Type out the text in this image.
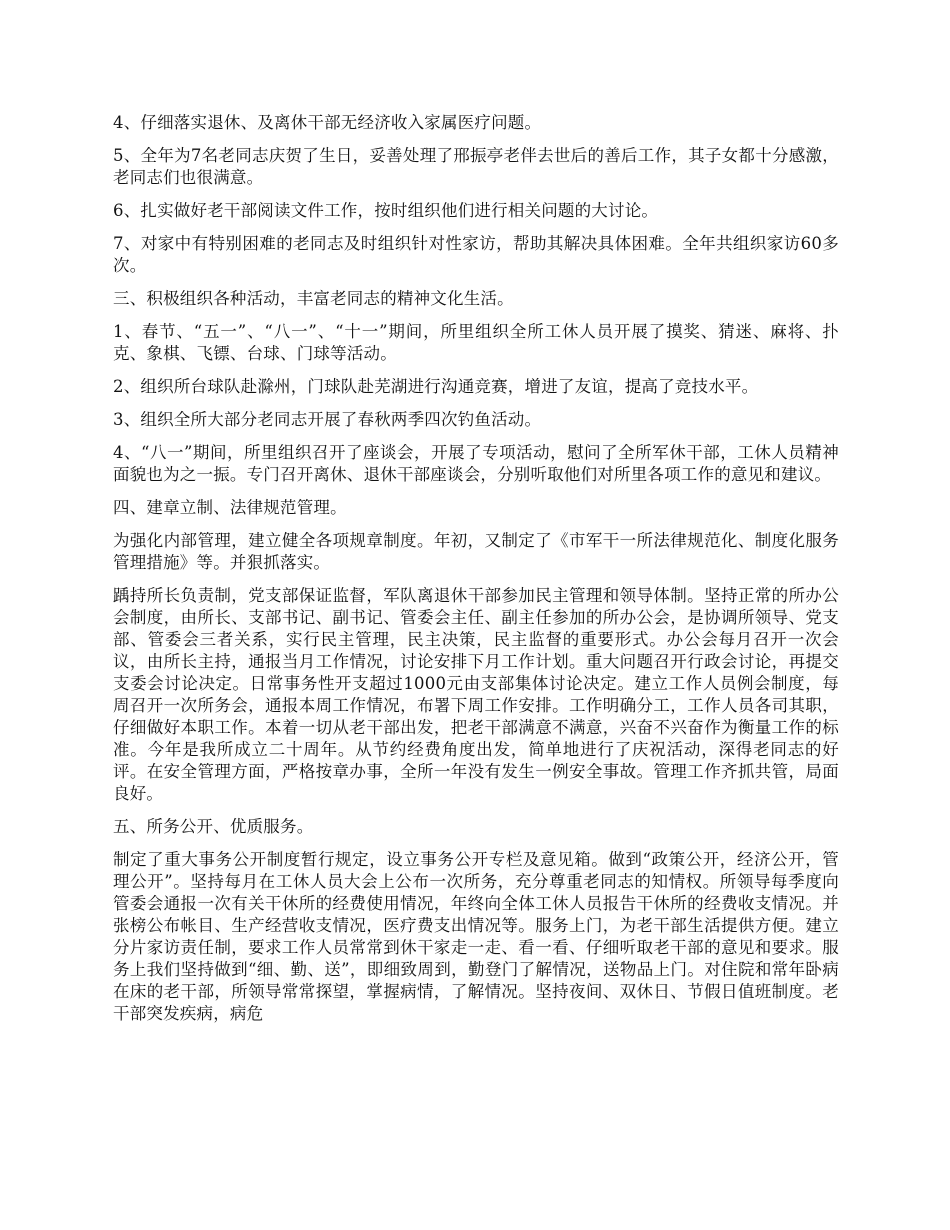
4、仔细落实退休、及离休干部无经济收入家属医疗问题。

5、全年为7名老同志庆贺了生日，妥善处理了邢振亭老伴去世后的善后工作，其子女都十分感激，老同志们也很满意。

6、扎实做好老干部阅读文件工作，按时组织他们进行相关问题的大讨论。

7、对家中有特别困难的老同志及时组织针对性家访，帮助其解决具体困难。全年共组织家访60多次。

三、积极组织各种活动，丰富老同志的精神文化生活。

1、春节、“五一”、“八一”、“十一”期间，所里组织全所工休人员开展了摸奖、猜迷、麻将、扑克、象棋、飞镖、台球、门球等活动。

2、组织所台球队赴滁州，门球队赴芜湖进行沟通竞赛，增进了友谊，提高了竞技水平。

3、组织全所大部分老同志开展了春秋两季四次钓鱼活动。

4、“八一”期间，所里组织召开了座谈会，开展了专项活动，慰问了全所军休干部，工休人员精神面貌也为之一振。专门召开离休、退休干部座谈会，分别听取他们对所里各项工作的意见和建议。

四、建章立制、法律规范管理。

为强化内部管理，建立健全各项规章制度。年初，又制定了《市军干一所法律规范化、制度化服务管理措施》等。并狠抓落实。

踽持所长负责制，党支部保证监督，军队离退休干部参加民主管理和领导体制。坚持正常的所办公会制度，由所长、支部书记、副书记、管委会主任、副主任参加的所办公会，是协调所领导、党支部、管委会三者关系，实行民主管理，民主决策，民主监督的重要形式。办公会每月召开一次会议，由所长主持，通报当月工作情况，讨论安排下月工作计划。重大问题召开行政会讨论，再提交支委会讨论决定。日常事务性开支超过1000元由支部集体讨论决定。建立工作人员例会制度，每周召开一次所务会，通报本周工作情况，布署下周工作安排。工作明确分工，工作人员各司其职，仔细做好本职工作。本着一切从老干部出发，把老干部满意不满意，兴奋不兴奋作为衡量工作的标准。今年是我所成立二十周年。从节约经费角度出发，简单地进行了庆祝活动，深得老同志的好评。在安全管理方面，严格按章办事，全所一年没有发生一例安全事故。管理工作齐抓共管，局面良好。

五、所务公开、优质服务。

制定了重大事务公开制度暂行规定，设立事务公开专栏及意见箱。做到“政策公开，经济公开，管理公开”。坚持每月在工休人员大会上公布一次所务，充分尊重老同志的知情权。所领导每季度向管委会通报一次有关干休所的经费使用情况，年终向全体工休人员报告干休所的经费收支情况。并张榜公布帐目、生产经营收支情况，医疗费支出情况等。服务上门，为老干部生活提供方便。建立分片家访责任制，要求工作人员常常到休干家走一走、看一看、仔细听取老干部的意见和要求。服务上我们坚持做到“细、勤、送”，即细致周到，勤登门了解情况，送物品上门。对住院和常年卧病在床的老干部，所领导常常探望，掌握病情，了解情况。坚持夜间、双休日、节假日值班制度。老干部突发疾病，病危
